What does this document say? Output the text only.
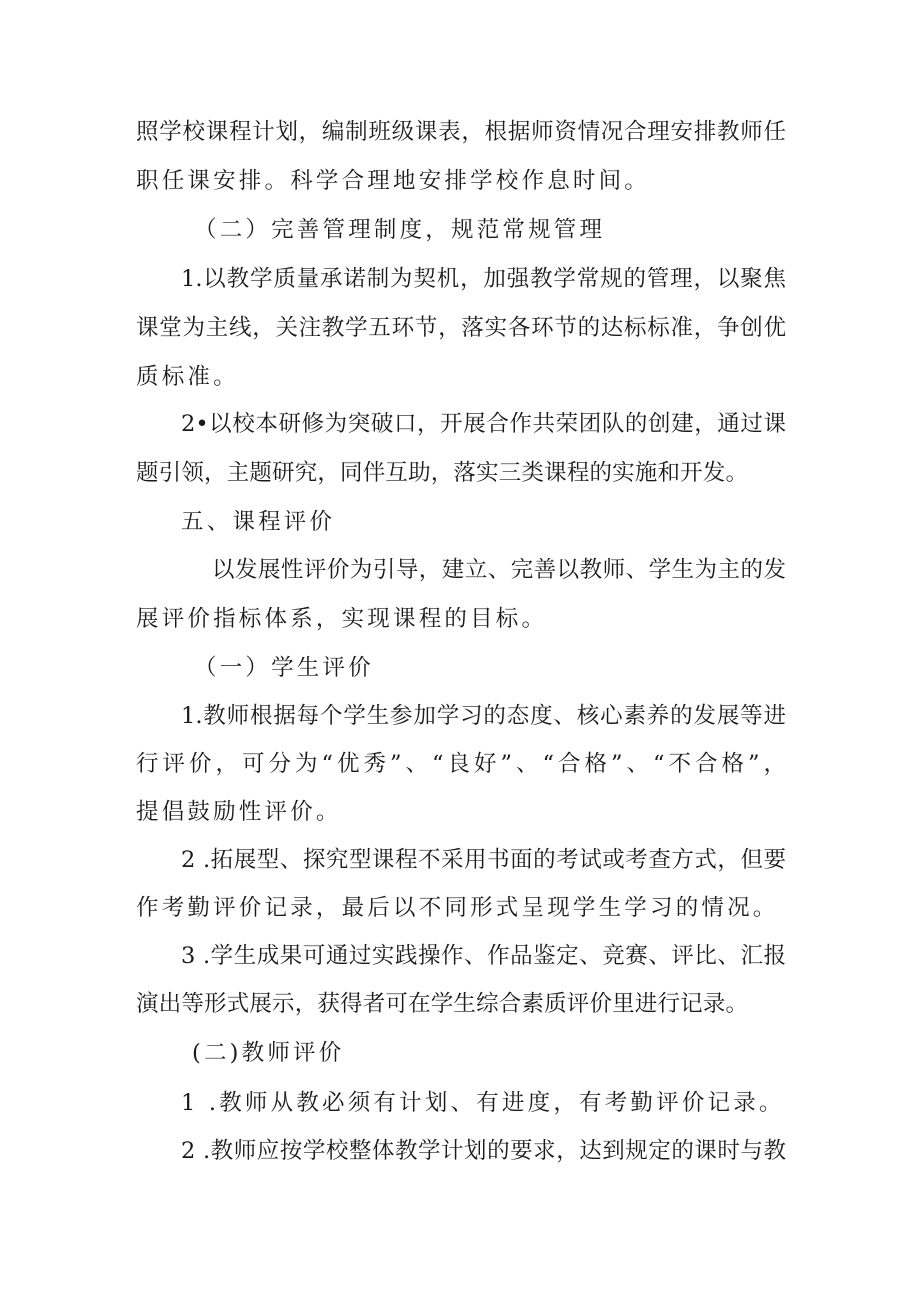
照学校课程计划，编制班级课表，根据师资情况合理安排教师任
职任课安排。科学合理地安排学校作息时间。
（二）完善管理制度，规范常规管理
1.以教学质量承诺制为契机，加强教学常规的管理，以聚焦
课堂为主线，关注教学五环节，落实各环节的达标标准，争创优
质标准。
2•以校本研修为突破口，开展合作共荣团队的创建，通过课
题引领，主题研究，同伴互助，落实三类课程的实施和开发。
五、课程评价
以发展性评价为引导，建立、完善以教师、学生为主的发
展评价指标体系，实现课程的目标。
（一）学生评价
1.教师根据每个学生参加学习的态度、核心素养的发展等进
行评价，可分为“优秀”、“良好”、“合格”、“不合格”，
提倡鼓励性评价。
2 .拓展型、探究型课程不采用书面的考试或考查方式，但要
作考勤评价记录，最后以不同形式呈现学生学习的情况。
3 .学生成果可通过实践操作、作品鉴定、竞赛、评比、汇报
演出等形式展示，获得者可在学生综合素质评价里进行记录。
(二)教师评价
1 .教师从教必须有计划、有进度，有考勤评价记录。
2 .教师应按学校整体教学计划的要求，达到规定的课时与教
